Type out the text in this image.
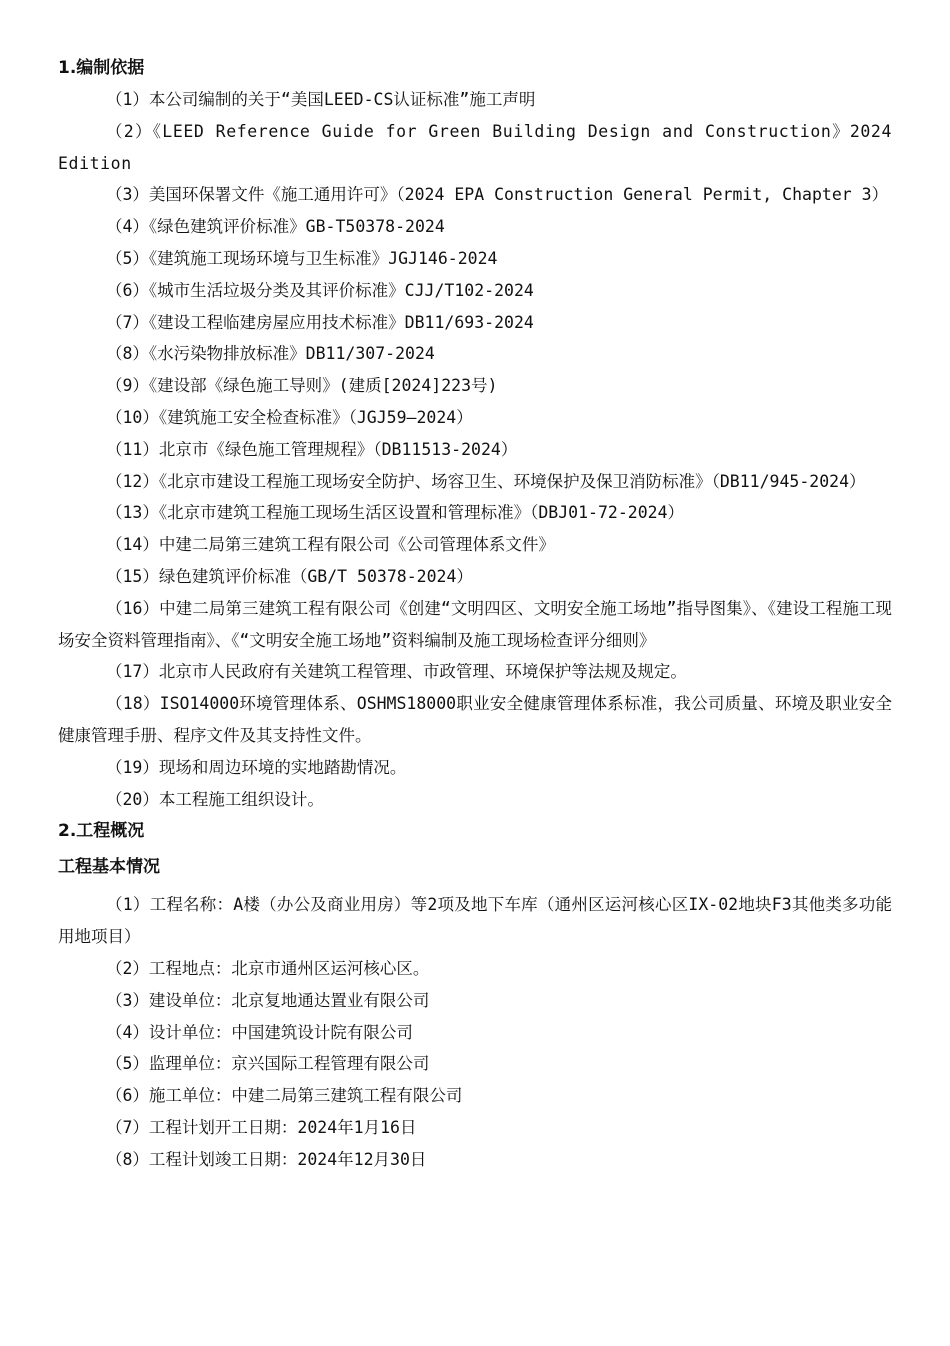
1.编制依据

（1）本公司编制的关于“美国LEED-CS认证标准”施工声明

（2）《LEED Reference Guide for Green Building Design and Construction》2024 Edition

（3）美国环保署文件《施工通用许可》（2024 EPA Construction General Permit, Chapter 3）

（4）《绿色建筑评价标准》GB-T50378-2024

（5）《建筑施工现场环境与卫生标准》JGJ146-2024

（6）《城市生活垃圾分类及其评价标准》CJJ/T102-2024

（7）《建设工程临建房屋应用技术标准》DB11/693-2024

（8）《水污染物排放标准》DB11/307-2024

（9）《建设部《绿色施工导则》(建质[2024]223号)

（10）《建筑施工安全检查标准》（JGJ59—2024）

（11）北京市《绿色施工管理规程》（DB11513-2024）

（12）《北京市建设工程施工现场安全防护、场容卫生、环境保护及保卫消防标准》（DB11/945-2024）

（13）《北京市建筑工程施工现场生活区设置和管理标准》（DBJ01-72-2024）

（14）中建二局第三建筑工程有限公司《公司管理体系文件》

（15）绿色建筑评价标准（GB/T 50378-2024）

（16）中建二局第三建筑工程有限公司《创建“文明四区、文明安全施工场地”指导图集》、《建设工程施工现场安全资料管理指南》、《“文明安全施工场地”资料编制及施工现场检查评分细则》

（17）北京市人民政府有关建筑工程管理、市政管理、环境保护等法规及规定。

（18）ISO14000环境管理体系、OSHMS18000职业安全健康管理体系标准，我公司质量、环境及职业安全健康管理手册、程序文件及其支持性文件。

（19）现场和周边环境的实地踏勘情况。

（20）本工程施工组织设计。

2.工程概况
工程基本情况

（1）工程名称：A楼（办公及商业用房）等2项及地下车库（通州区运河核心区IX-02地块F3其他类多功能用地项目）

（2）工程地点：北京市通州区运河核心区。

（3）建设单位：北京复地通达置业有限公司

（4）设计单位：中国建筑设计院有限公司

（5）监理单位：京兴国际工程管理有限公司

（6）施工单位：中建二局第三建筑工程有限公司

（7）工程计划开工日期：2024年1月16日

（8）工程计划竣工日期：2024年12月30日
